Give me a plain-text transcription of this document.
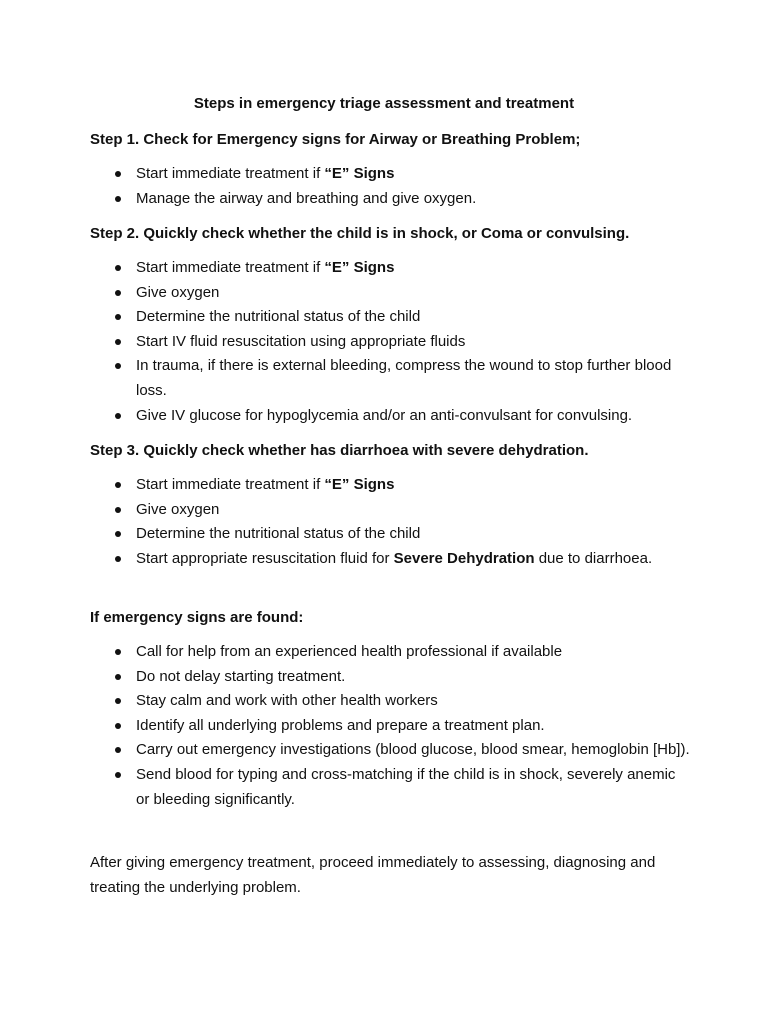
Steps in emergency triage assessment and treatment

Step 1. Check for Emergency signs for Airway or Breathing Problem;

Start immediate treatment if “E” Signs
Manage the airway and breathing and give oxygen.

Step 2. Quickly check whether the child is in shock, or Coma or convulsing.

Start immediate treatment if “E” Signs
Give oxygen
Determine the nutritional status of the child
Start IV fluid resuscitation using appropriate fluids
In trauma, if there is external bleeding, compress the wound to stop further blood loss.
Give IV glucose for hypoglycemia and/or an anti-convulsant for convulsing.

Step 3. Quickly check whether has diarrhoea with severe dehydration.

Start immediate treatment if “E” Signs
Give oxygen
Determine the nutritional status of the child
Start appropriate resuscitation fluid for Severe Dehydration due to diarrhoea.

If emergency signs are found:

Call for help from an experienced health professional if available
Do not delay starting treatment.
Stay calm and work with other health workers
Identify all underlying problems and prepare a treatment plan.
Carry out emergency investigations (blood glucose, blood smear, hemoglobin [Hb]).
Send blood for typing and cross-matching if the child is in shock, severely anemic or bleeding significantly.

After giving emergency treatment, proceed immediately to assessing, diagnosing and treating the underlying problem.
